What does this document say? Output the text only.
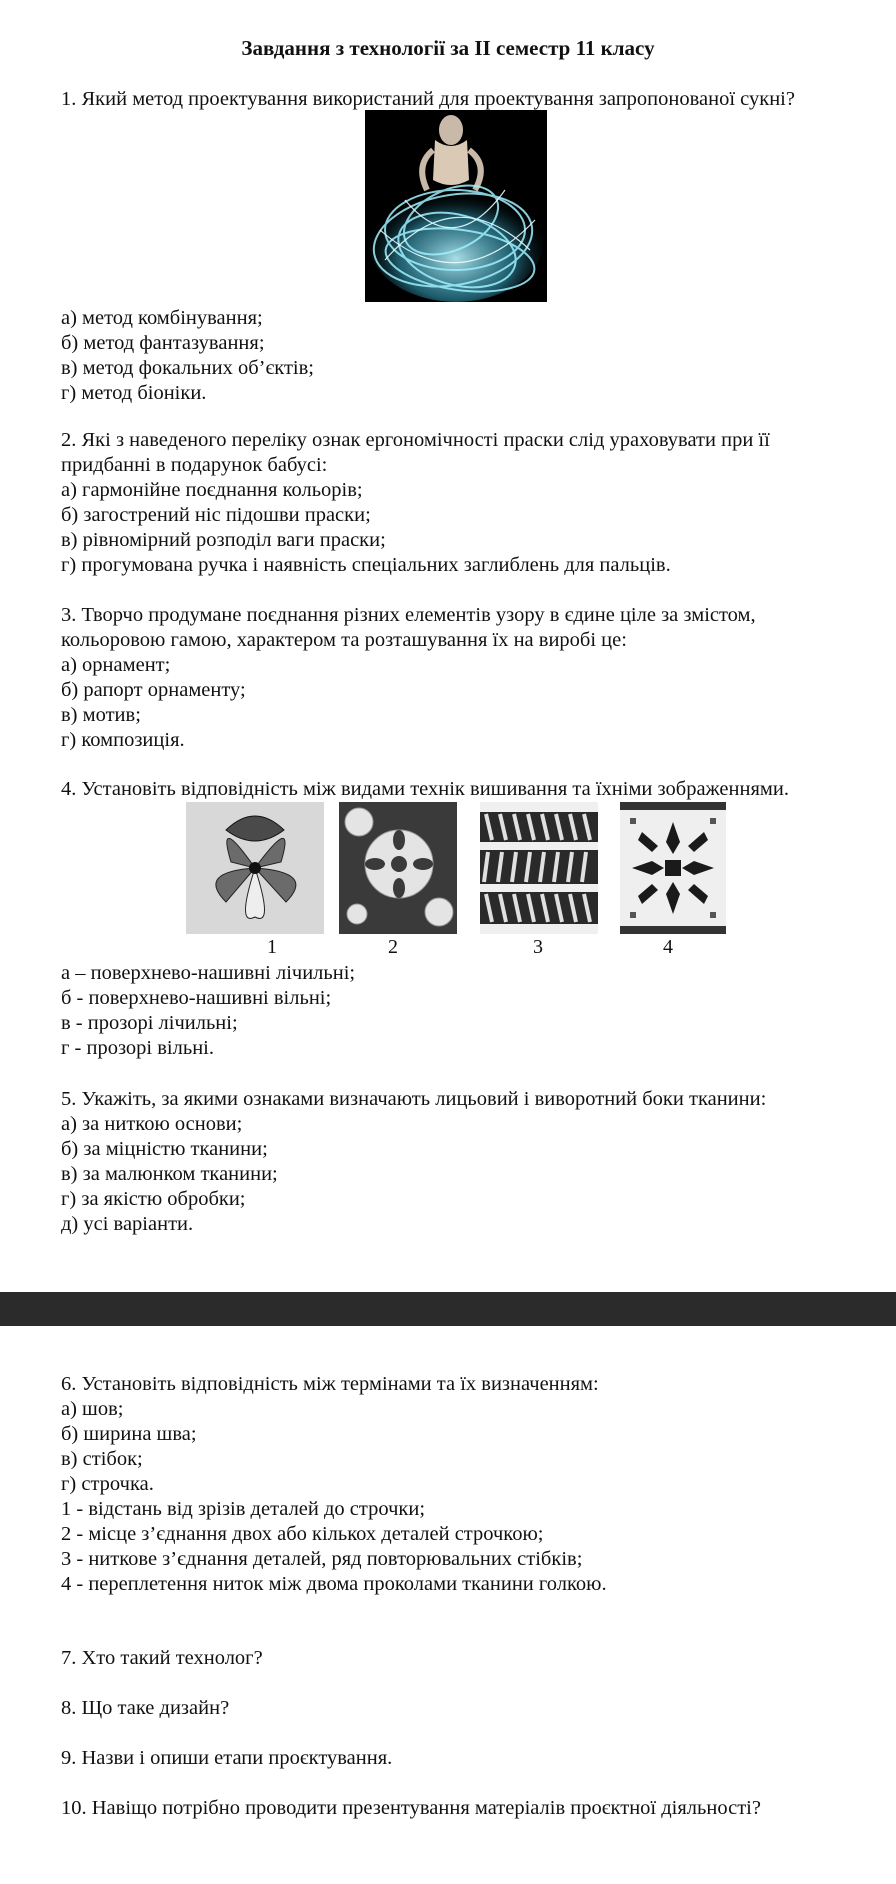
Завдання з технології за ІІ семестр 11 класу
1. Який метод проектування використаний для проектування запропонованої сукні?
а) метод комбінування;
б) метод фантазування;
в) метод фокальних об’єктів;
г) метод біоніки.
2. Які з наведеного переліку ознак ергономічності праски слід ураховувати при її
придбанні в подарунок бабусі:
а) гармонійне поєднання кольорів;
б) загострений ніс підошви праски;
в) рівномірний розподіл ваги праски;
г) прогумована ручка і наявність спеціальних заглиблень для пальців.
3. Творчо продумане поєднання різних елементів узору в єдине ціле за змістом,
кольоровою гамою, характером та розташування їх на виробі це:
а) орнамент;
б) рапорт орнаменту;
в) мотив;
г) композиція.
4. Установіть відповідність між видами технік вишивання та їхніми зображеннями.
1	2	3	4
а – поверхнево-нашивні лічильні;
б - поверхнево-нашивні вільні;
в - прозорі лічильні;
г - прозорі вільні.
5. Укажіть, за якими ознаками визначають лицьовий і виворотний боки тканини:
а) за ниткою основи;
б) за міцністю тканини;
в) за малюнком тканини;
г) за якістю обробки;
д) усі варіанти.
6. Установіть відповідність між термінами та їх визначенням:
а) шов;
б) ширина шва;
в) стібок;
г) строчка.
1 - відстань від зрізів деталей до строчки;
2 - місце з’єднання двох або кількох деталей строчкою;
3 - ниткове з’єднання деталей, ряд повторювальних стібків;
4 - переплетення ниток між двома проколами тканини голкою.
7. Хто такий технолог?
8. Що таке дизайн?
9. Назви і опиши етапи проєктування.
10. Навіщо потрібно проводити презентування матеріалів проєктної діяльності?
